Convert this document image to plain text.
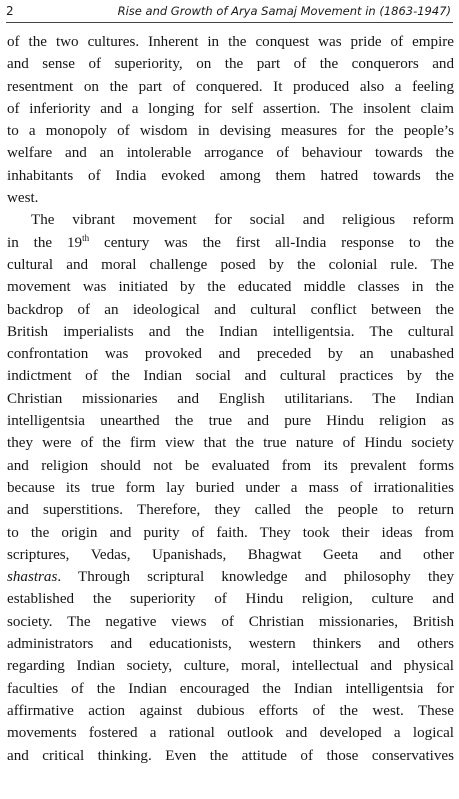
2	Rise and Growth of Arya Samaj Movement in (1863-1947)
of the two cultures. Inherent in the conquest was pride of empire
and sense of superiority, on the part of the conquerors and
resentment on the part of conquered. It produced also a feeling
of inferiority and a longing for self assertion. The insolent claim
to a monopoly of wisdom in devising measures for the people’s
welfare and an intolerable arrogance of behaviour towards the
inhabitants of India evoked among them hatred towards the
west.
The vibrant movement for social and religious reform
in the 19th century was the first all-India response to the
cultural and moral challenge posed by the colonial rule. The
movement was initiated by the educated middle classes in the
backdrop of an ideological and cultural conflict between the
British imperialists and the Indian intelligentsia. The cultural
confrontation was provoked and preceded by an unabashed
indictment of the Indian social and cultural practices by the
Christian missionaries and English utilitarians. The Indian
intelligentsia unearthed the true and pure Hindu religion as
they were of the firm view that the true nature of Hindu society
and religion should not be evaluated from its prevalent forms
because its true form lay buried under a mass of irrationalities
and superstitions. Therefore, they called the people to return
to the origin and purity of faith. They took their ideas from
scriptures, Vedas, Upanishads, Bhagwat Geeta and other
shastras. Through scriptural knowledge and philosophy they
established the superiority of Hindu religion, culture and
society. The negative views of Christian missionaries, British
administrators and educationists, western thinkers and others
regarding Indian society, culture, moral, intellectual and physical
faculties of the Indian encouraged the Indian intelligentsia for
affirmative action against dubious efforts of the west. These
movements fostered a rational outlook and developed a logical
and critical thinking. Even the attitude of those conservatives
